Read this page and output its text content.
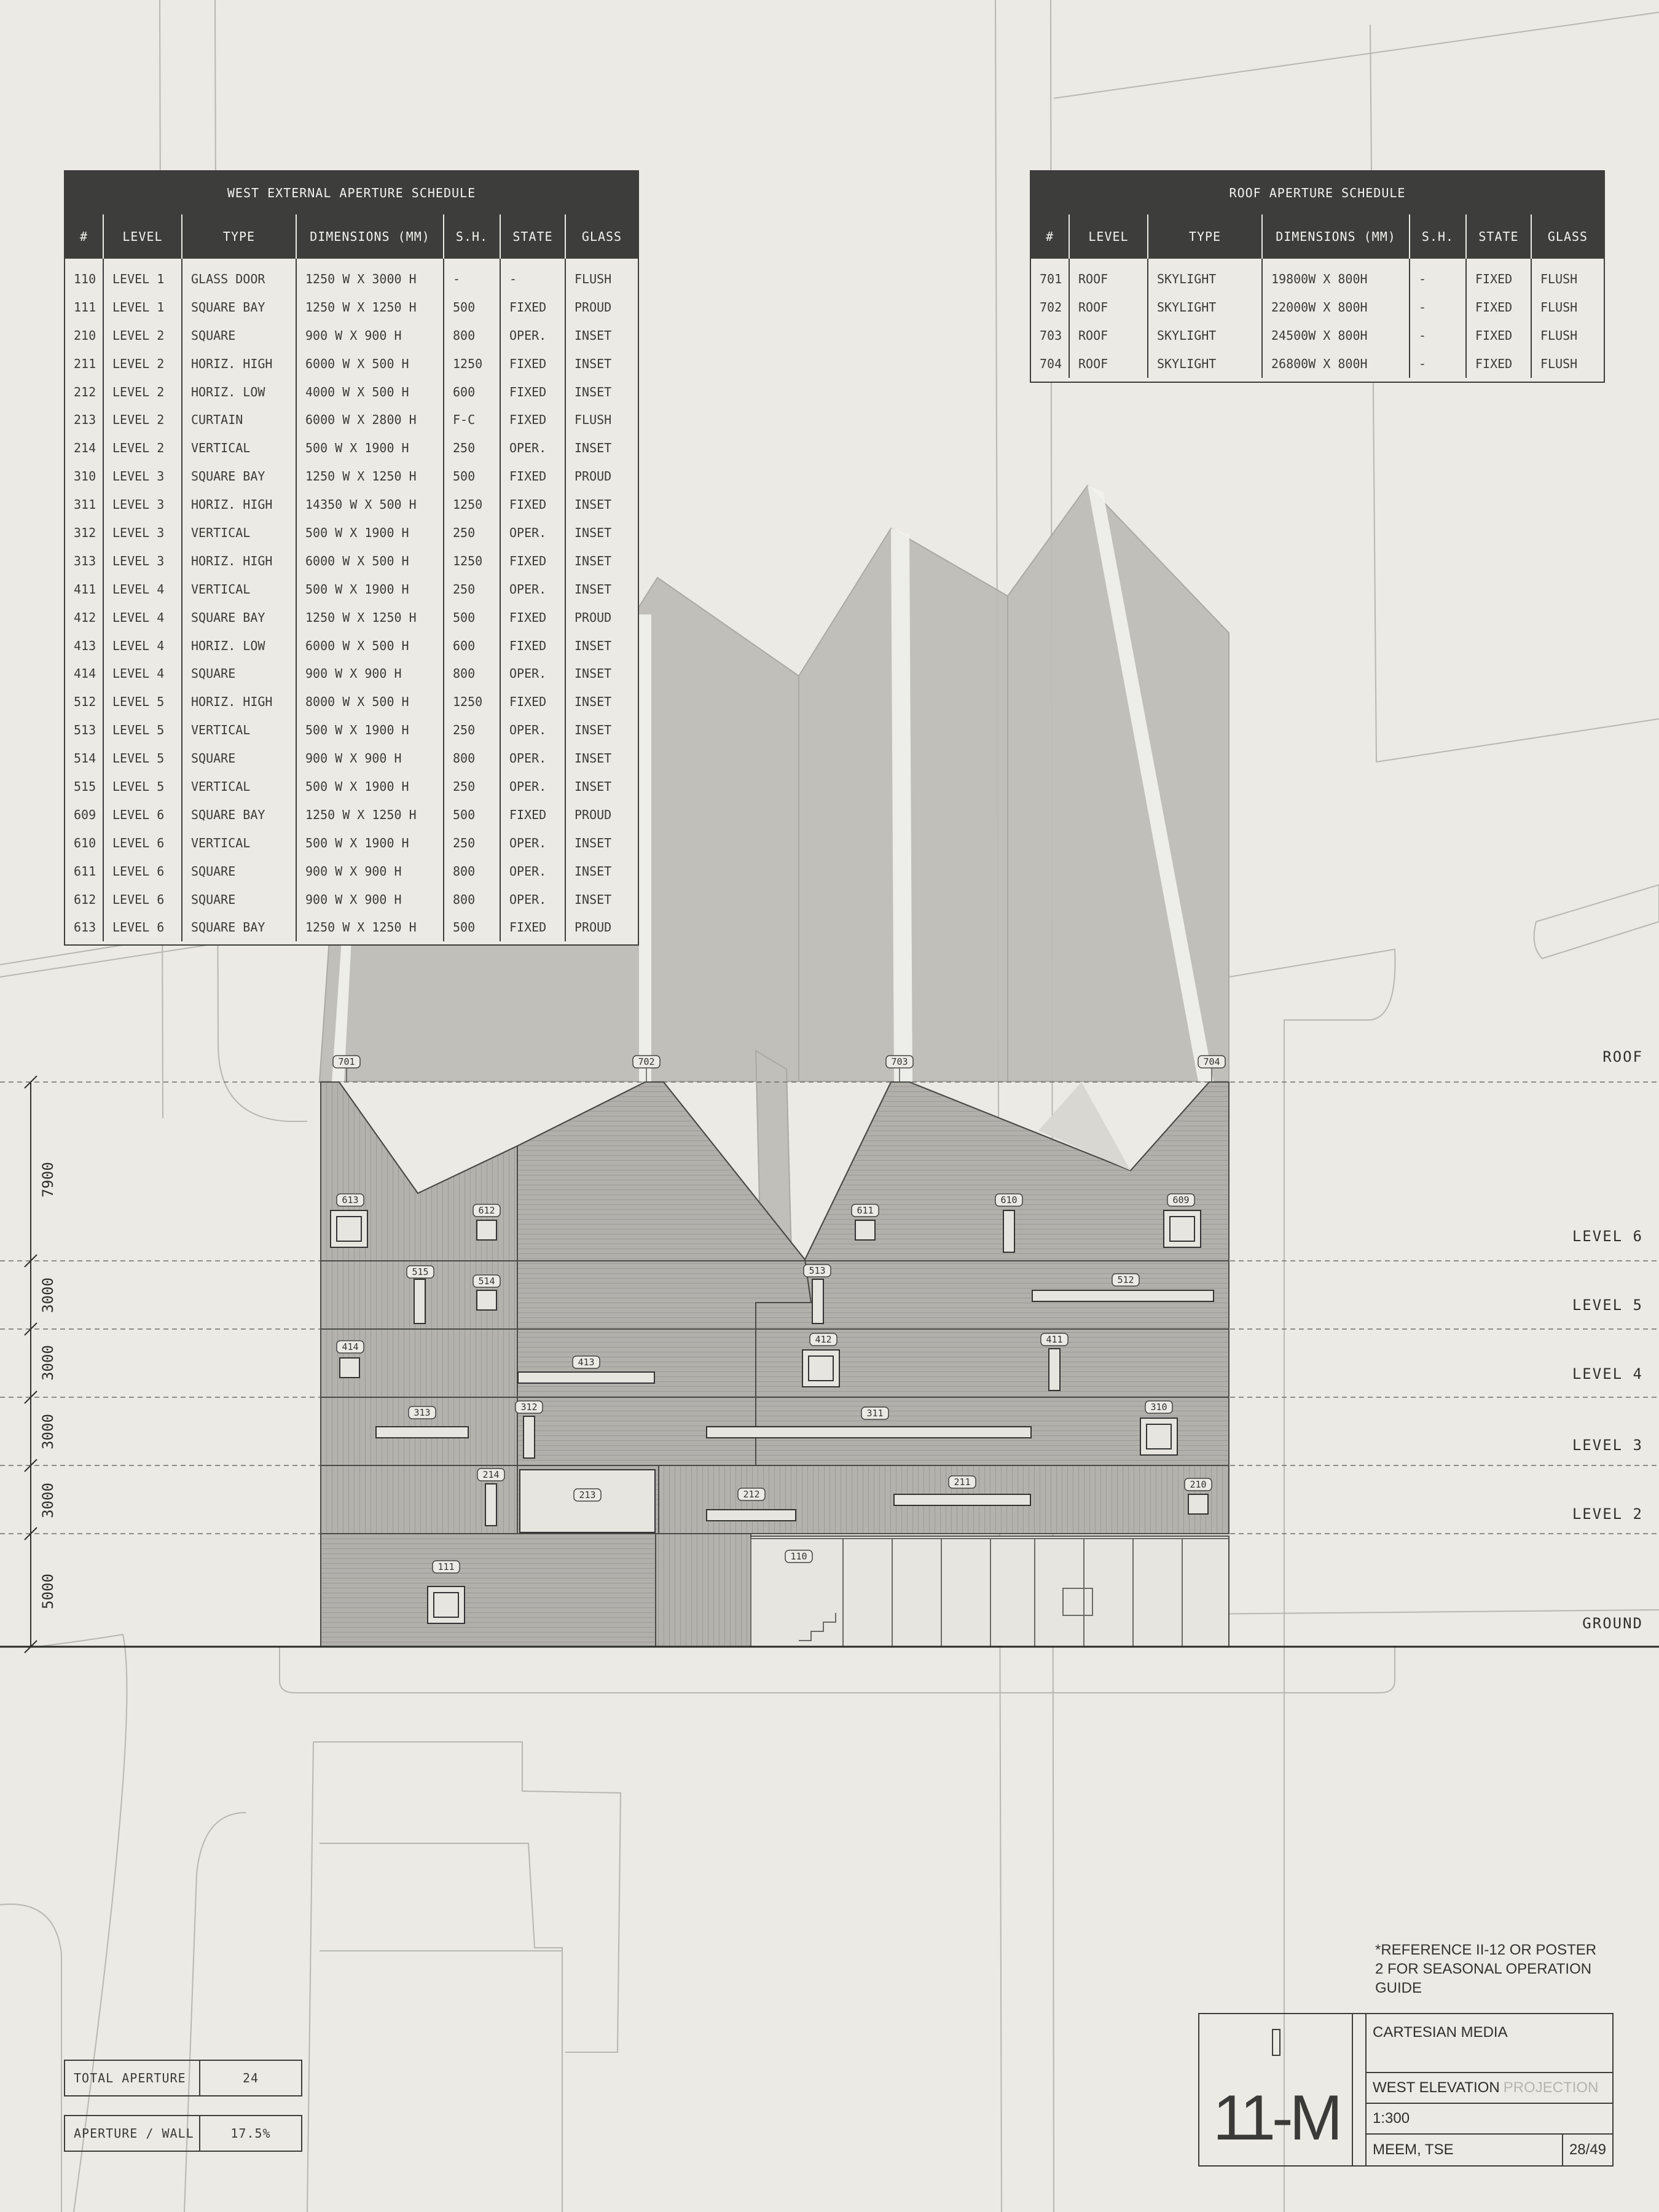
701	702	703	704
613
612	611
610	609
515
514
513
512
414
413
412	411
313	312
311
310
214
213	212
211	210
111
110
ROOF
LEVEL 6
LEVEL 5
LEVEL 4
LEVEL 3
LEVEL 2
GROUND
7900
3000
3000
3000
3000
5000
WEST EXTERNAL APERTURE SCHEDULE
#	LEVEL	TYPE	DIMENSIONS (MM)	S.H.	STATE	GLASS
110	LEVEL 1	GLASS DOOR	1250 W X 3000 H	-	-	FLUSH
111	LEVEL 1	SQUARE BAY	1250 W X 1250 H	500	FIXED	PROUD
210	LEVEL 2	SQUARE	900 W X 900 H	800	OPER.	INSET
211	LEVEL 2	HORIZ. HIGH	6000 W X 500 H	1250	FIXED	INSET
212	LEVEL 2	HORIZ. LOW	4000 W X 500 H	600	FIXED	INSET
213	LEVEL 2	CURTAIN	6000 W X 2800 H	F-C	FIXED	FLUSH
214	LEVEL 2	VERTICAL	500 W X 1900 H	250	OPER.	INSET
310	LEVEL 3	SQUARE BAY	1250 W X 1250 H	500	FIXED	PROUD
311	LEVEL 3	HORIZ. HIGH	14350 W X 500 H	1250	FIXED	INSET
312	LEVEL 3	VERTICAL	500 W X 1900 H	250	OPER.	INSET
313	LEVEL 3	HORIZ. HIGH	6000 W X 500 H	1250	FIXED	INSET
411	LEVEL 4	VERTICAL	500 W X 1900 H	250	OPER.	INSET
412	LEVEL 4	SQUARE BAY	1250 W X 1250 H	500	FIXED	PROUD
413	LEVEL 4	HORIZ. LOW	6000 W X 500 H	600	FIXED	INSET
414	LEVEL 4	SQUARE	900 W X 900 H	800	OPER.	INSET
512	LEVEL 5	HORIZ. HIGH	8000 W X 500 H	1250	FIXED	INSET
513	LEVEL 5	VERTICAL	500 W X 1900 H	250	OPER.	INSET
514	LEVEL 5	SQUARE	900 W X 900 H	800	OPER.	INSET
515	LEVEL 5	VERTICAL	500 W X 1900 H	250	OPER.	INSET
609	LEVEL 6	SQUARE BAY	1250 W X 1250 H	500	FIXED	PROUD
610	LEVEL 6	VERTICAL	500 W X 1900 H	250	OPER.	INSET
611	LEVEL 6	SQUARE	900 W X 900 H	800	OPER.	INSET
612	LEVEL 6	SQUARE	900 W X 900 H	800	OPER.	INSET
613	LEVEL 6	SQUARE BAY	1250 W X 1250 H	500	FIXED	PROUD
ROOF APERTURE SCHEDULE
#	LEVEL	TYPE	DIMENSIONS (MM)	S.H.	STATE	GLASS
701	ROOF	SKYLIGHT	19800W X 800H	-	FIXED	FLUSH
702	ROOF	SKYLIGHT	22000W X 800H	-	FIXED	FLUSH
703	ROOF	SKYLIGHT	24500W X 800H	-	FIXED	FLUSH
704	ROOF	SKYLIGHT	26800W X 800H	-	FIXED	FLUSH
TOTAL APERTURE	24
APERTURE / WALL	17.5%
*REFERENCE II-12 OR POSTER 2 FOR SEASONAL OPERATION GUIDE
11-M
CARTESIAN MEDIA
WEST ELEVATION PROJECTION
1:300
MEEM, TSE	28/49
